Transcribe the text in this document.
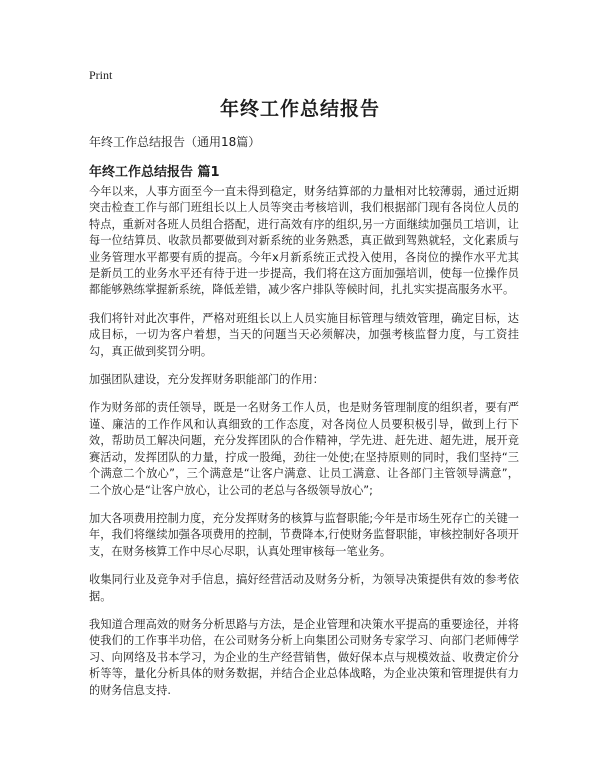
Print
年终工作总结报告
年终工作总结报告（通用18篇）
年终工作总结报告 篇1

今年以来，人事方面至今一直未得到稳定，财务结算部的力量相对比较薄弱，通过近期突击检查工作与部门班组长以上人员等突击考核培训，我们根据部门现有各岗位人员的特点，重新对各班人员组合搭配，进行高效有序的组织,另一方面继续加强员工培训，让每一位结算员、收款员都要做到对新系统的业务熟悉，真正做到驾熟就轻，文化素质与业务管理水平都要有质的提高。今年x月新系统正式投入使用，各岗位的操作水平尤其是新员工的业务水平还有待于进一步提高，我们将在这方面加强培训，使每一位操作员都能够熟练掌握新系统，降低差错，减少客户排队等候时间，扎扎实实提高服务水平。

我们将针对此次事件，严格对班组长以上人员实施目标管理与绩效管理，确定目标，达成目标，一切为客户着想，当天的问题当天必须解决，加强考核监督力度，与工资挂勾，真正做到奖罚分明。

加强团队建设，充分发挥财务职能部门的作用：

作为财务部的责任领导，既是一名财务工作人员，也是财务管理制度的组织者，要有严谨、廉洁的工作作风和认真细致的工作态度，对各岗位人员要积极引导，做到上行下效，帮助员工解决问题，充分发挥团队的合作精神，学先进、赶先进、超先进，展开竞赛活动，发挥团队的力量，拧成一股绳，劲往一处使;在坚持原则的同时，我们坚持“三个满意二个放心”，三个满意是“让客户满意、让员工满意、让各部门主管领导满意”，二个放心是“让客户放心，让公司的老总与各级领导放心”;

加大各项费用控制力度，充分发挥财务的核算与监督职能;今年是市场生死存亡的关键一年，我们将继续加强各项费用的控制，节费降本,行使财务监督职能，审核控制好各项开支，在财务核算工作中尽心尽职，认真处理审核每一笔业务。

收集同行业及竞争对手信息，搞好经营活动及财务分析，为领导决策提供有效的参考依据。

我知道合理高效的财务分析思路与方法，是企业管理和决策水平提高的重要途径，并将使我们的工作事半功倍，在公司财务分析上向集团公司财务专家学习、向部门老师傅学习、向网络及书本学习，为企业的生产经营销售，做好保本点与规模效益、收费定价分析等等，量化分析具体的财务数据，并结合企业总体战略，为企业决策和管理提供有力的财务信息支持.
